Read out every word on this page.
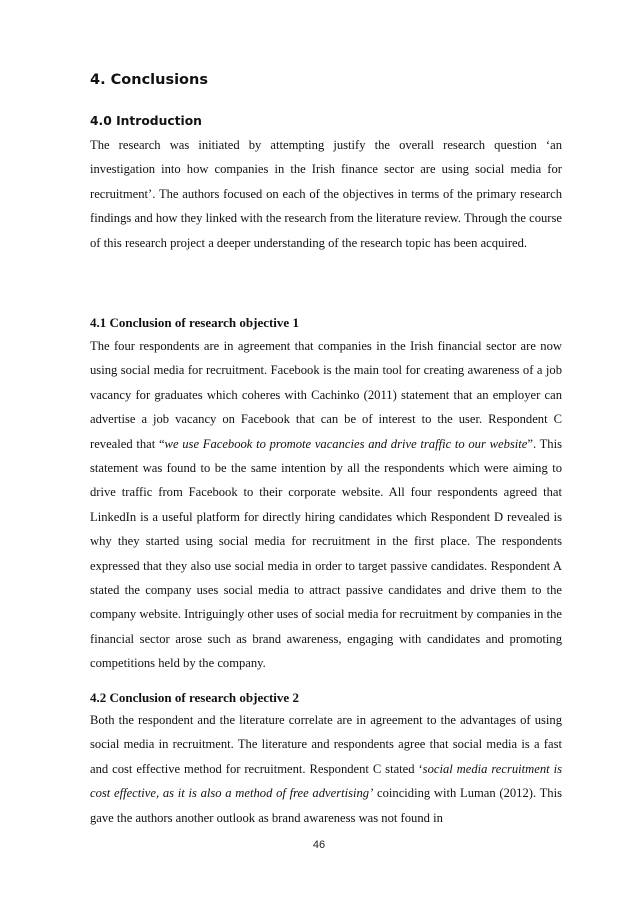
4. Conclusions
4.0 Introduction
The research was initiated by attempting justify the overall research question ‘an investigation into how companies in the Irish finance sector are using social media for recruitment’. The authors focused on each of the objectives in terms of the primary research findings and how they linked with the research from the literature review. Through the course of this research project a deeper understanding of the research topic has been acquired.
4.1 Conclusion of research objective 1
The four respondents are in agreement that companies in the Irish financial sector are now using social media for recruitment. Facebook is the main tool for creating awareness of a job vacancy for graduates which coheres with Cachinko (2011) statement that an employer can advertise a job vacancy on Facebook that can be of interest to the user. Respondent C revealed that “we use Facebook to promote vacancies and drive traffic to our website”. This statement was found to be the same intention by all the respondents which were aiming to drive traffic from Facebook to their corporate website. All four respondents agreed that LinkedIn is a useful platform for directly hiring candidates which Respondent D revealed is why they started using social media for recruitment in the first place. The respondents expressed that they also use social media in order to target passive candidates. Respondent A stated the company uses social media to attract passive candidates and drive them to the company website. Intriguingly other uses of social media for recruitment by companies in the financial sector arose such as brand awareness, engaging with candidates and promoting competitions held by the company.
4.2 Conclusion of research objective 2
Both the respondent and the literature correlate are in agreement to the advantages of using social media in recruitment. The literature and respondents agree that social media is a fast and cost effective method for recruitment. Respondent C stated ‘social media recruitment is cost effective, as it is also a method of free advertising’ coinciding with Luman (2012). This gave the authors another outlook as brand awareness was not found in
46
